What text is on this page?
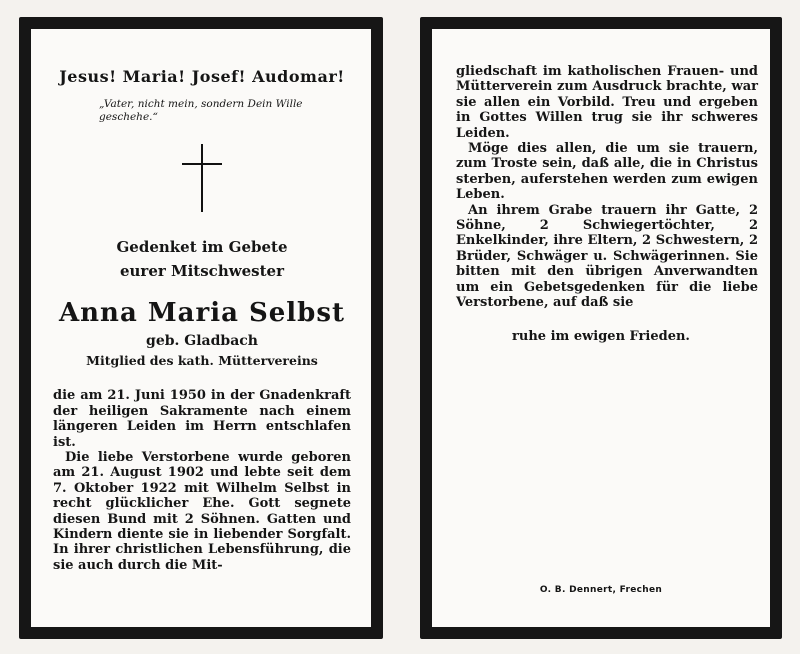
Jesus! Maria! Josef! Audomar!
„Vater, nicht mein, sondern Dein Wille geschehe.“
Gedenket im Gebete
eurer Mitschwester
Anna Maria Selbst
geb. Gladbach
Mitglied des kath. Müttervereins

die am 21. Juni 1950 in der Gnadenkraft der heiligen Sakramente nach einem längeren Leiden im Herrn entschlafen ist.

Die liebe Verstorbene wurde geboren am 21. August 1902 und lebte seit dem 7. Oktober 1922 mit Wilhelm Selbst in recht glücklicher Ehe. Gott segnete diesen Bund mit 2 Söhnen. Gatten und Kindern diente sie in liebender Sorgfalt. In ihrer christlichen Lebensführung, die sie auch durch die Mit-

gliedschaft im katholischen Frauen- und Mütterverein zum Ausdruck brachte, war sie allen ein Vorbild. Treu und ergeben in Gottes Willen trug sie ihr schweres Leiden.

Möge dies allen, die um sie trauern, zum Troste sein, daß alle, die in Christus sterben, auferstehen werden zum ewigen Leben.

An ihrem Grabe trauern ihr Gatte, 2 Söhne, 2 Schwiegertöchter, 2 Enkelkinder, ihre Eltern, 2 Schwestern, 2 Brüder, Schwäger u. Schwägerinnen. Sie bitten mit den übrigen Anverwandten um ein Gebetsgedenken für die liebe Verstorbene, auf daß sie

ruhe im ewigen Frieden.
O. B. Dennert, Frechen
